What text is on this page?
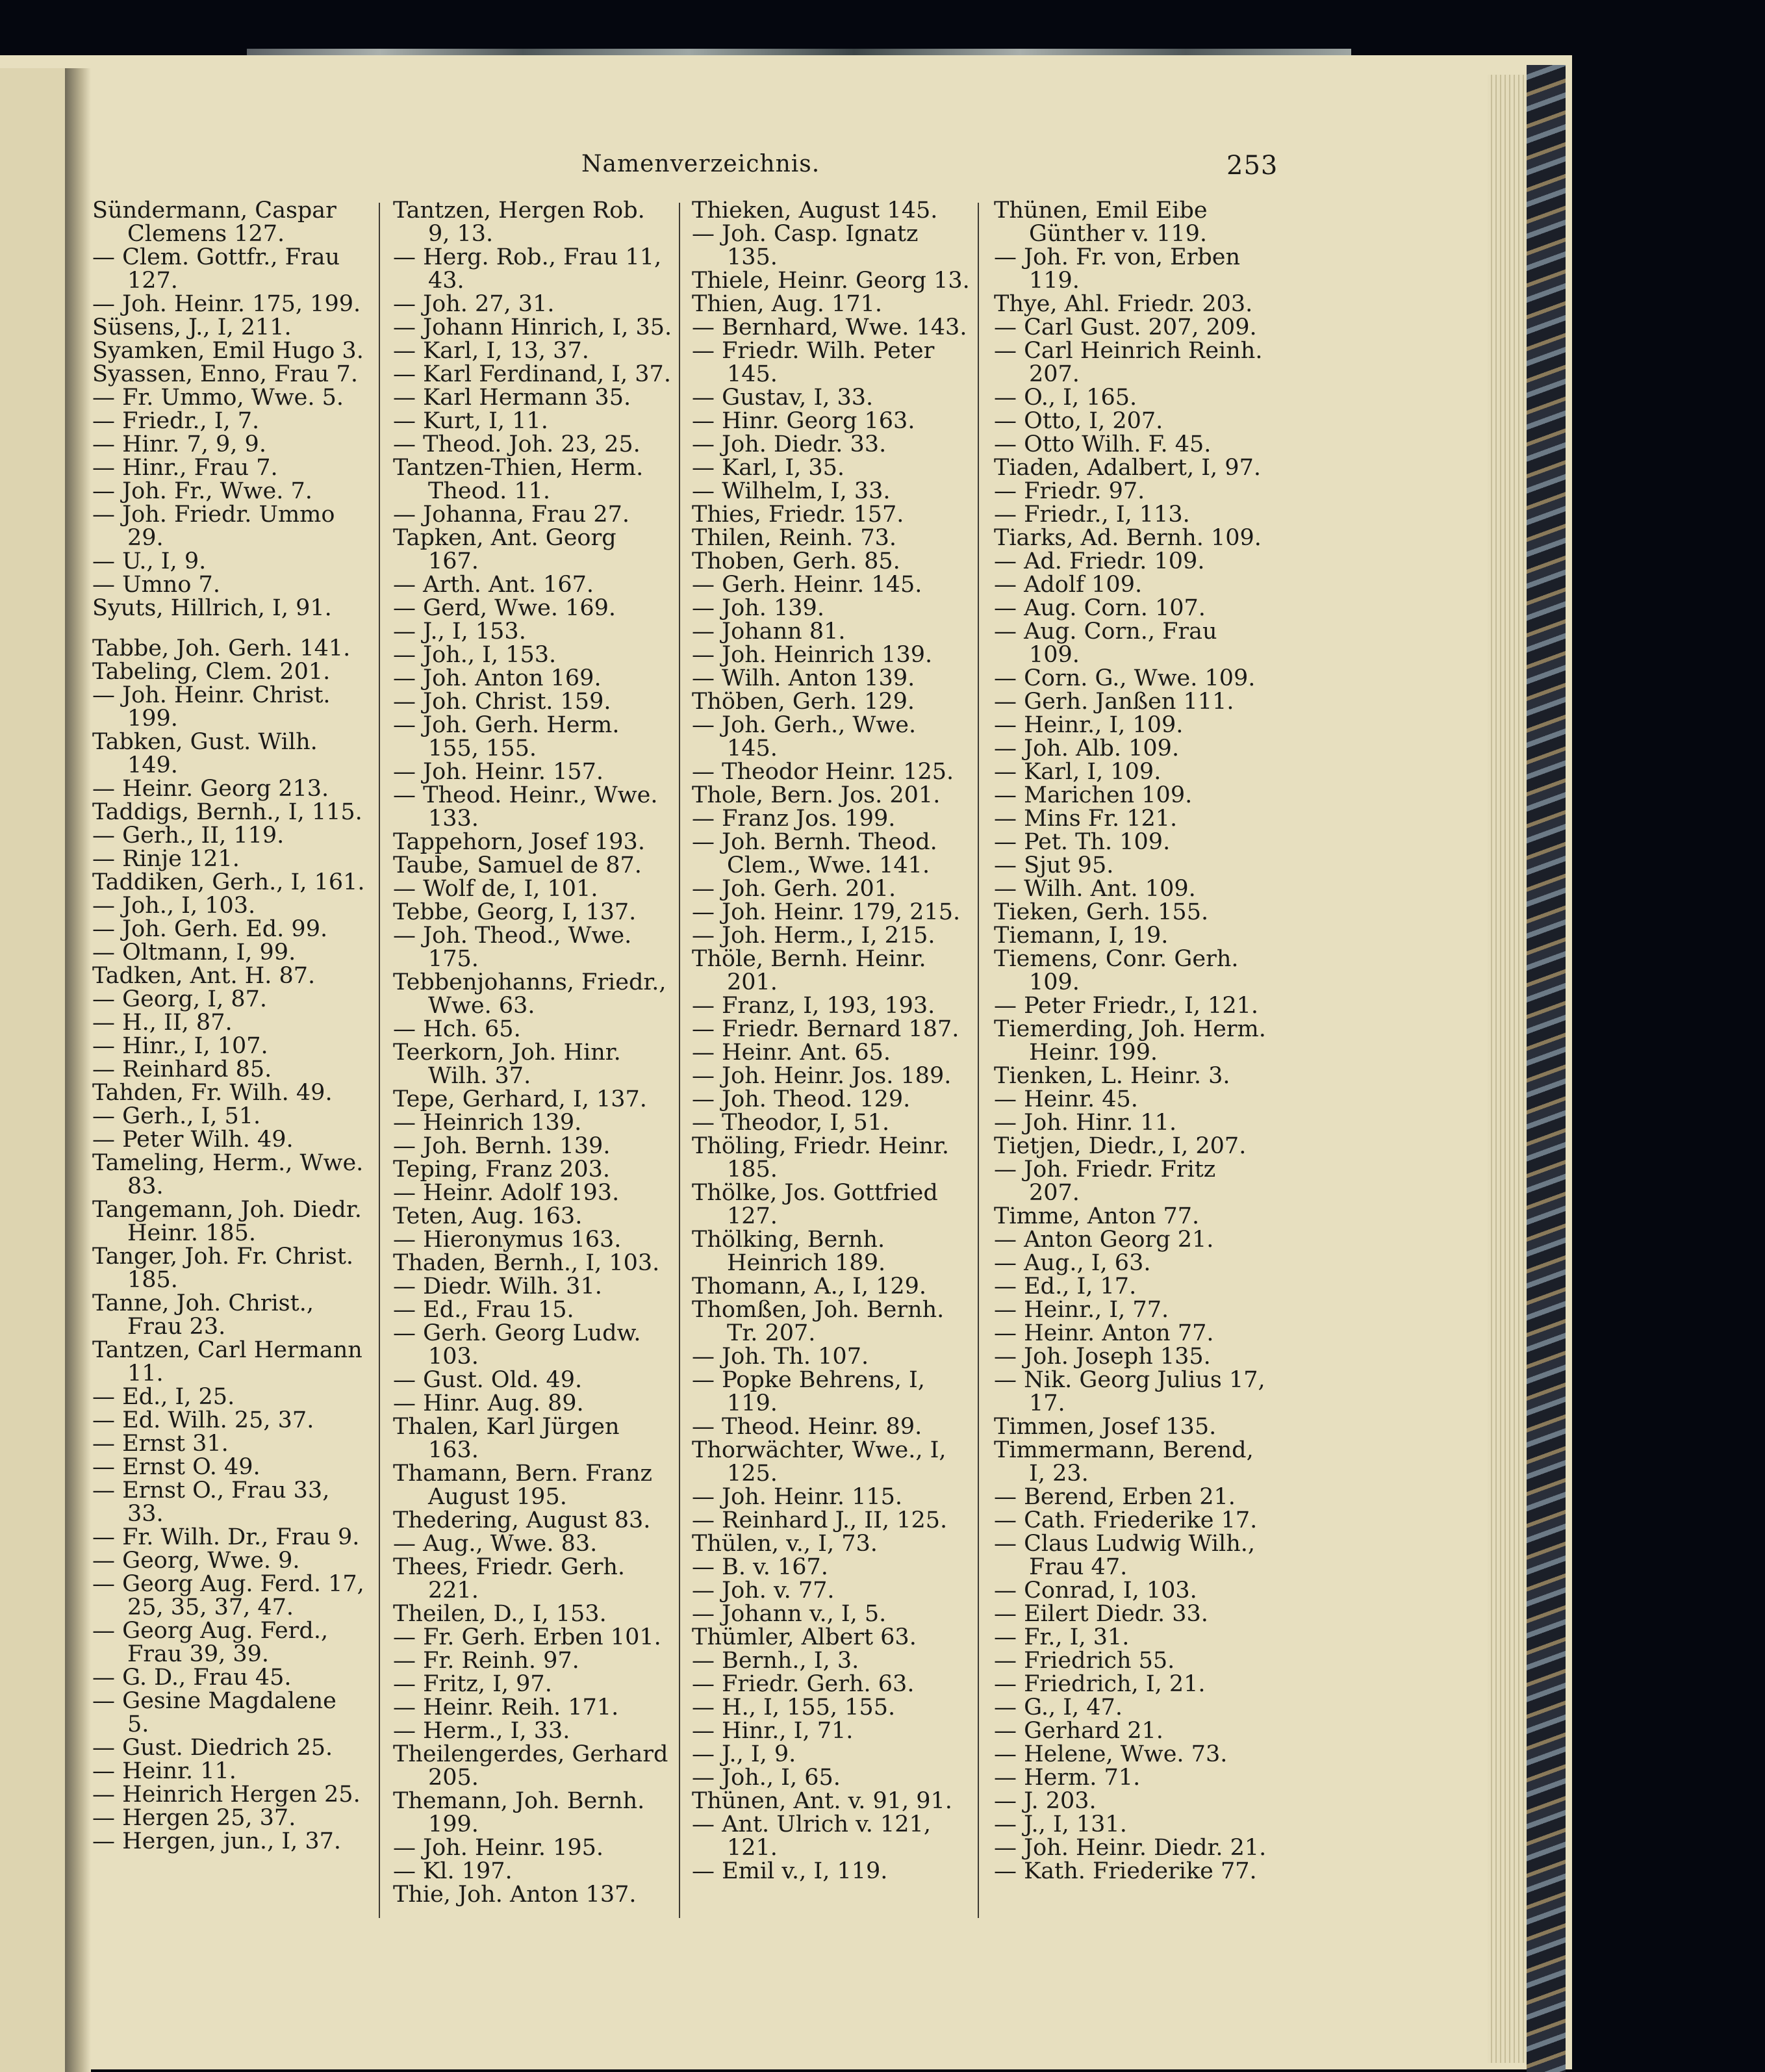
Namenverzeichnis.	253

Sündermann, Caspar Clemens 127.

— Clem. Gottfr., Frau 127.

— Joh. Heinr. 175, 199.

Süsens, J., I, 211.

Syamken, Emil Hugo 3.

Syassen, Enno, Frau 7.

— Fr. Ummo, Wwe. 5.

— Friedr., I, 7.

— Hinr. 7, 9, 9.

— Hinr., Frau 7.

— Joh. Fr., Wwe. 7.

— Joh. Friedr. Ummo 29.

— U., I, 9.

— Umno 7.

Syuts, Hillrich, I, 91.

Tabbe, Joh. Gerh. 141.

Tabeling, Clem. 201.

— Joh. Heinr. Christ. 199.

Tabken, Gust. Wilh. 149.

— Heinr. Georg 213.

Taddigs, Bernh., I, 115.

— Gerh., II, 119.

— Rinje 121.

Taddiken, Gerh., I, 161.

— Joh., I, 103.

— Joh. Gerh. Ed. 99.

— Oltmann, I, 99.

Tadken, Ant. H. 87.

— Georg, I, 87.

— H., II, 87.

— Hinr., I, 107.

— Reinhard 85.

Tahden, Fr. Wilh. 49.

— Gerh., I, 51.

— Peter Wilh. 49.

Tameling, Herm., Wwe. 83.

Tangemann, Joh. Diedr. Heinr. 185.

Tanger, Joh. Fr. Christ. 185.

Tanne, Joh. Christ., Frau 23.

Tantzen, Carl Hermann 11.

— Ed., I, 25.

— Ed. Wilh. 25, 37.

— Ernst 31.

— Ernst O. 49.

— Ernst O., Frau 33, 33.

— Fr. Wilh. Dr., Frau 9.

— Georg, Wwe. 9.

— Georg Aug. Ferd. 17, 25, 35, 37, 47.

— Georg Aug. Ferd., Frau 39, 39.

— G. D., Frau 45.

— Gesine Magdalene 5.

— Gust. Diedrich 25.

— Heinr. 11.

— Heinrich Hergen 25.

— Hergen 25, 37.

— Hergen, jun., I, 37.

Tantzen, Hergen Rob. 9, 13.

— Herg. Rob., Frau 11, 43.

— Joh. 27, 31.

— Johann Hinrich, I, 35.

— Karl, I, 13, 37.

— Karl Ferdinand, I, 37.

— Karl Hermann 35.

— Kurt, I, 11.

— Theod. Joh. 23, 25.

Tantzen-Thien, Herm. Theod. 11.

— Johanna, Frau 27.

Tapken, Ant. Georg 167.

— Arth. Ant. 167.

— Gerd, Wwe. 169.

— J., I, 153.

— Joh., I, 153.

— Joh. Anton 169.

— Joh. Christ. 159.

— Joh. Gerh. Herm. 155, 155.

— Joh. Heinr. 157.

— Theod. Heinr., Wwe. 133.

Tappehorn, Josef 193.

Taube, Samuel de 87.

— Wolf de, I, 101.

Tebbe, Georg, I, 137.

— Joh. Theod., Wwe. 175.

Tebbenjohanns, Friedr., Wwe. 63.

— Hch. 65.

Teerkorn, Joh. Hinr. Wilh. 37.

Tepe, Gerhard, I, 137.

— Heinrich 139.

— Joh. Bernh. 139.

Teping, Franz 203.

— Heinr. Adolf 193.

Teten, Aug. 163.

— Hieronymus 163.

Thaden, Bernh., I, 103.

— Diedr. Wilh. 31.

— Ed., Frau 15.

— Gerh. Georg Ludw. 103.

— Gust. Old. 49.

— Hinr. Aug. 89.

Thalen, Karl Jürgen 163.

Thamann, Bern. Franz August 195.

Thedering, August 83.

— Aug., Wwe. 83.

Thees, Friedr. Gerh. 221.

Theilen, D., I, 153.

— Fr. Gerh. Erben 101.

— Fr. Reinh. 97.

— Fritz, I, 97.

— Heinr. Reih. 171.

— Herm., I, 33.

Theilengerdes, Gerhard 205.

Themann, Joh. Bernh. 199.

— Joh. Heinr. 195.

— Kl. 197.

Thie, Joh. Anton 137.

Thieken, August 145.

— Joh. Casp. Ignatz 135.

Thiele, Heinr. Georg 13.

Thien, Aug. 171.

— Bernhard, Wwe. 143.

— Friedr. Wilh. Peter 145.

— Gustav, I, 33.

— Hinr. Georg 163.

— Joh. Diedr. 33.

— Karl, I, 35.

— Wilhelm, I, 33.

Thies, Friedr. 157.

Thilen, Reinh. 73.

Thoben, Gerh. 85.

— Gerh. Heinr. 145.

— Joh. 139.

— Johann 81.

— Joh. Heinrich 139.

— Wilh. Anton 139.

Thöben, Gerh. 129.

— Joh. Gerh., Wwe. 145.

— Theodor Heinr. 125.

Thole, Bern. Jos. 201.

— Franz Jos. 199.

— Joh. Bernh. Theod. Clem., Wwe. 141.

— Joh. Gerh. 201.

— Joh. Heinr. 179, 215.

— Joh. Herm., I, 215.

Thöle, Bernh. Heinr. 201.

— Franz, I, 193, 193.

— Friedr. Bernard 187.

— Heinr. Ant. 65.

— Joh. Heinr. Jos. 189.

— Joh. Theod. 129.

— Theodor, I, 51.

Thöling, Friedr. Heinr. 185.

Thölke, Jos. Gottfried 127.

Thölking, Bernh. Heinrich 189.

Thomann, A., I, 129.

Thomßen, Joh. Bernh. Tr. 207.

— Joh. Th. 107.

— Popke Behrens, I, 119.

— Theod. Heinr. 89.

Thorwächter, Wwe., I, 125.

— Joh. Heinr. 115.

— Reinhard J., II, 125.

Thülen, v., I, 73.

— B. v. 167.

— Joh. v. 77.

— Johann v., I, 5.

Thümler, Albert 63.

— Bernh., I, 3.

— Friedr. Gerh. 63.

— H., I, 155, 155.

— Hinr., I, 71.

— J., I, 9.

— Joh., I, 65.

Thünen, Ant. v. 91, 91.

— Ant. Ulrich v. 121, 121.

— Emil v., I, 119.

Thünen, Emil Eibe Günther v. 119.

— Joh. Fr. von, Erben 119.

Thye, Ahl. Friedr. 203.

— Carl Gust. 207, 209.

— Carl Heinrich Reinh. 207.

— O., I, 165.

— Otto, I, 207.

— Otto Wilh. F. 45.

Tiaden, Adalbert, I, 97.

— Friedr. 97.

— Friedr., I, 113.

Tiarks, Ad. Bernh. 109.

— Ad. Friedr. 109.

— Adolf 109.

— Aug. Corn. 107.

— Aug. Corn., Frau 109.

— Corn. G., Wwe. 109.

— Gerh. Janßen 111.

— Heinr., I, 109.

— Joh. Alb. 109.

— Karl, I, 109.

— Marichen 109.

— Mins Fr. 121.

— Pet. Th. 109.

— Sjut 95.

— Wilh. Ant. 109.

Tieken, Gerh. 155.

Tiemann, I, 19.

Tiemens, Conr. Gerh. 109.

— Peter Friedr., I, 121.

Tiemerding, Joh. Herm. Heinr. 199.

Tienken, L. Heinr. 3.

— Heinr. 45.

— Joh. Hinr. 11.

Tietjen, Diedr., I, 207.

— Joh. Friedr. Fritz 207.

Timme, Anton 77.

— Anton Georg 21.

— Aug., I, 63.

— Ed., I, 17.

— Heinr., I, 77.

— Heinr. Anton 77.

— Joh. Joseph 135.

— Nik. Georg Julius 17, 17.

Timmen, Josef 135.

Timmermann, Berend, I, 23.

— Berend, Erben 21.

— Cath. Friederike 17.

— Claus Ludwig Wilh., Frau 47.

— Conrad, I, 103.

— Eilert Diedr. 33.

— Fr., I, 31.

— Friedrich 55.

— Friedrich, I, 21.

— G., I, 47.

— Gerhard 21.

— Helene, Wwe. 73.

— Herm. 71.

— J. 203.

— J., I, 131.

— Joh. Heinr. Diedr. 21.

— Kath. Friederike 77.
